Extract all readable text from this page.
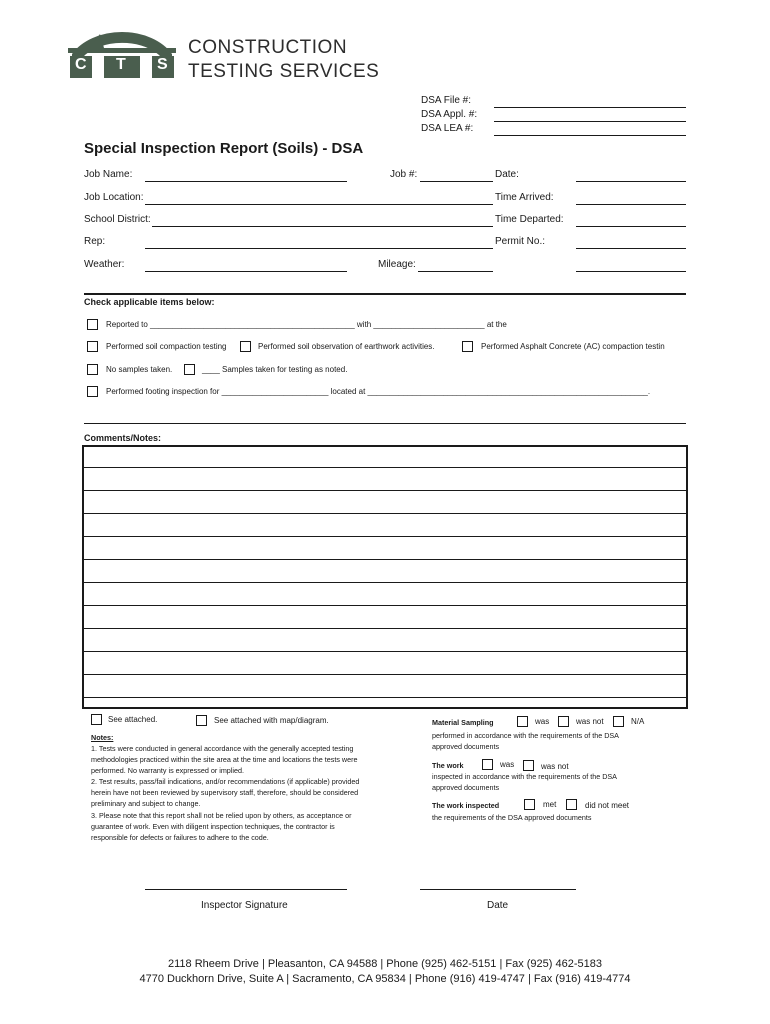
C T S
CONSTRUCTION
TESTING SERVICES
DSA File #:
DSA Appl. #:
DSA LEA #:
Special Inspection Report (Soils) - DSA
Job Name:	Job #:	Date:
Job Location:	Time Arrived:
School District:	Time Departed:
Rep:	Permit No.:
Weather:	Mileage:
Check applicable items below:
Reported to ______________________________________________ with _________________________ at the
Performed soil compaction testing	Performed soil observation of earthwork activities.	Performed Asphalt Concrete (AC) compaction testin
No samples taken.	____ Samples taken for testing as noted.
Performed footing inspection for ________________________ located at _______________________________________________________________.
Comments/Notes:
See attached.	See attached with map/diagram.
Notes:
1. Tests were conducted in general accordance with the generally accepted testing
methodologies practiced within the site area at the time and locations the tests were
performed. No warranty is expressed or implied.
2. Test results, pass/fail indications, and/or recommendations (if applicable) provided
herein have not been reviewed by supervisory staff, therefore, should be considered
preliminary and subject to change.
3. Please note that this report shall not be relied upon by others, as acceptance or
guarantee of work. Even with diligent inspection techniques, the contractor is
responsible for defects or failures to adhere to the code.
Material Sampling	was	was not	N/A
performed in accordance with the requirements of the DSA
approved documents
The work	was	was not
inspected in accordance with the requirements of the DSA
approved documents
The work inspected	met	did not meet
the requirements of the DSA approved documents
Inspector Signature	Date
2118 Rheem Drive | Pleasanton, CA 94588 | Phone (925) 462-5151 | Fax (925) 462-5183
4770 Duckhorn Drive, Suite A | Sacramento, CA 95834 | Phone (916) 419-4747 | Fax (916) 419-4774
